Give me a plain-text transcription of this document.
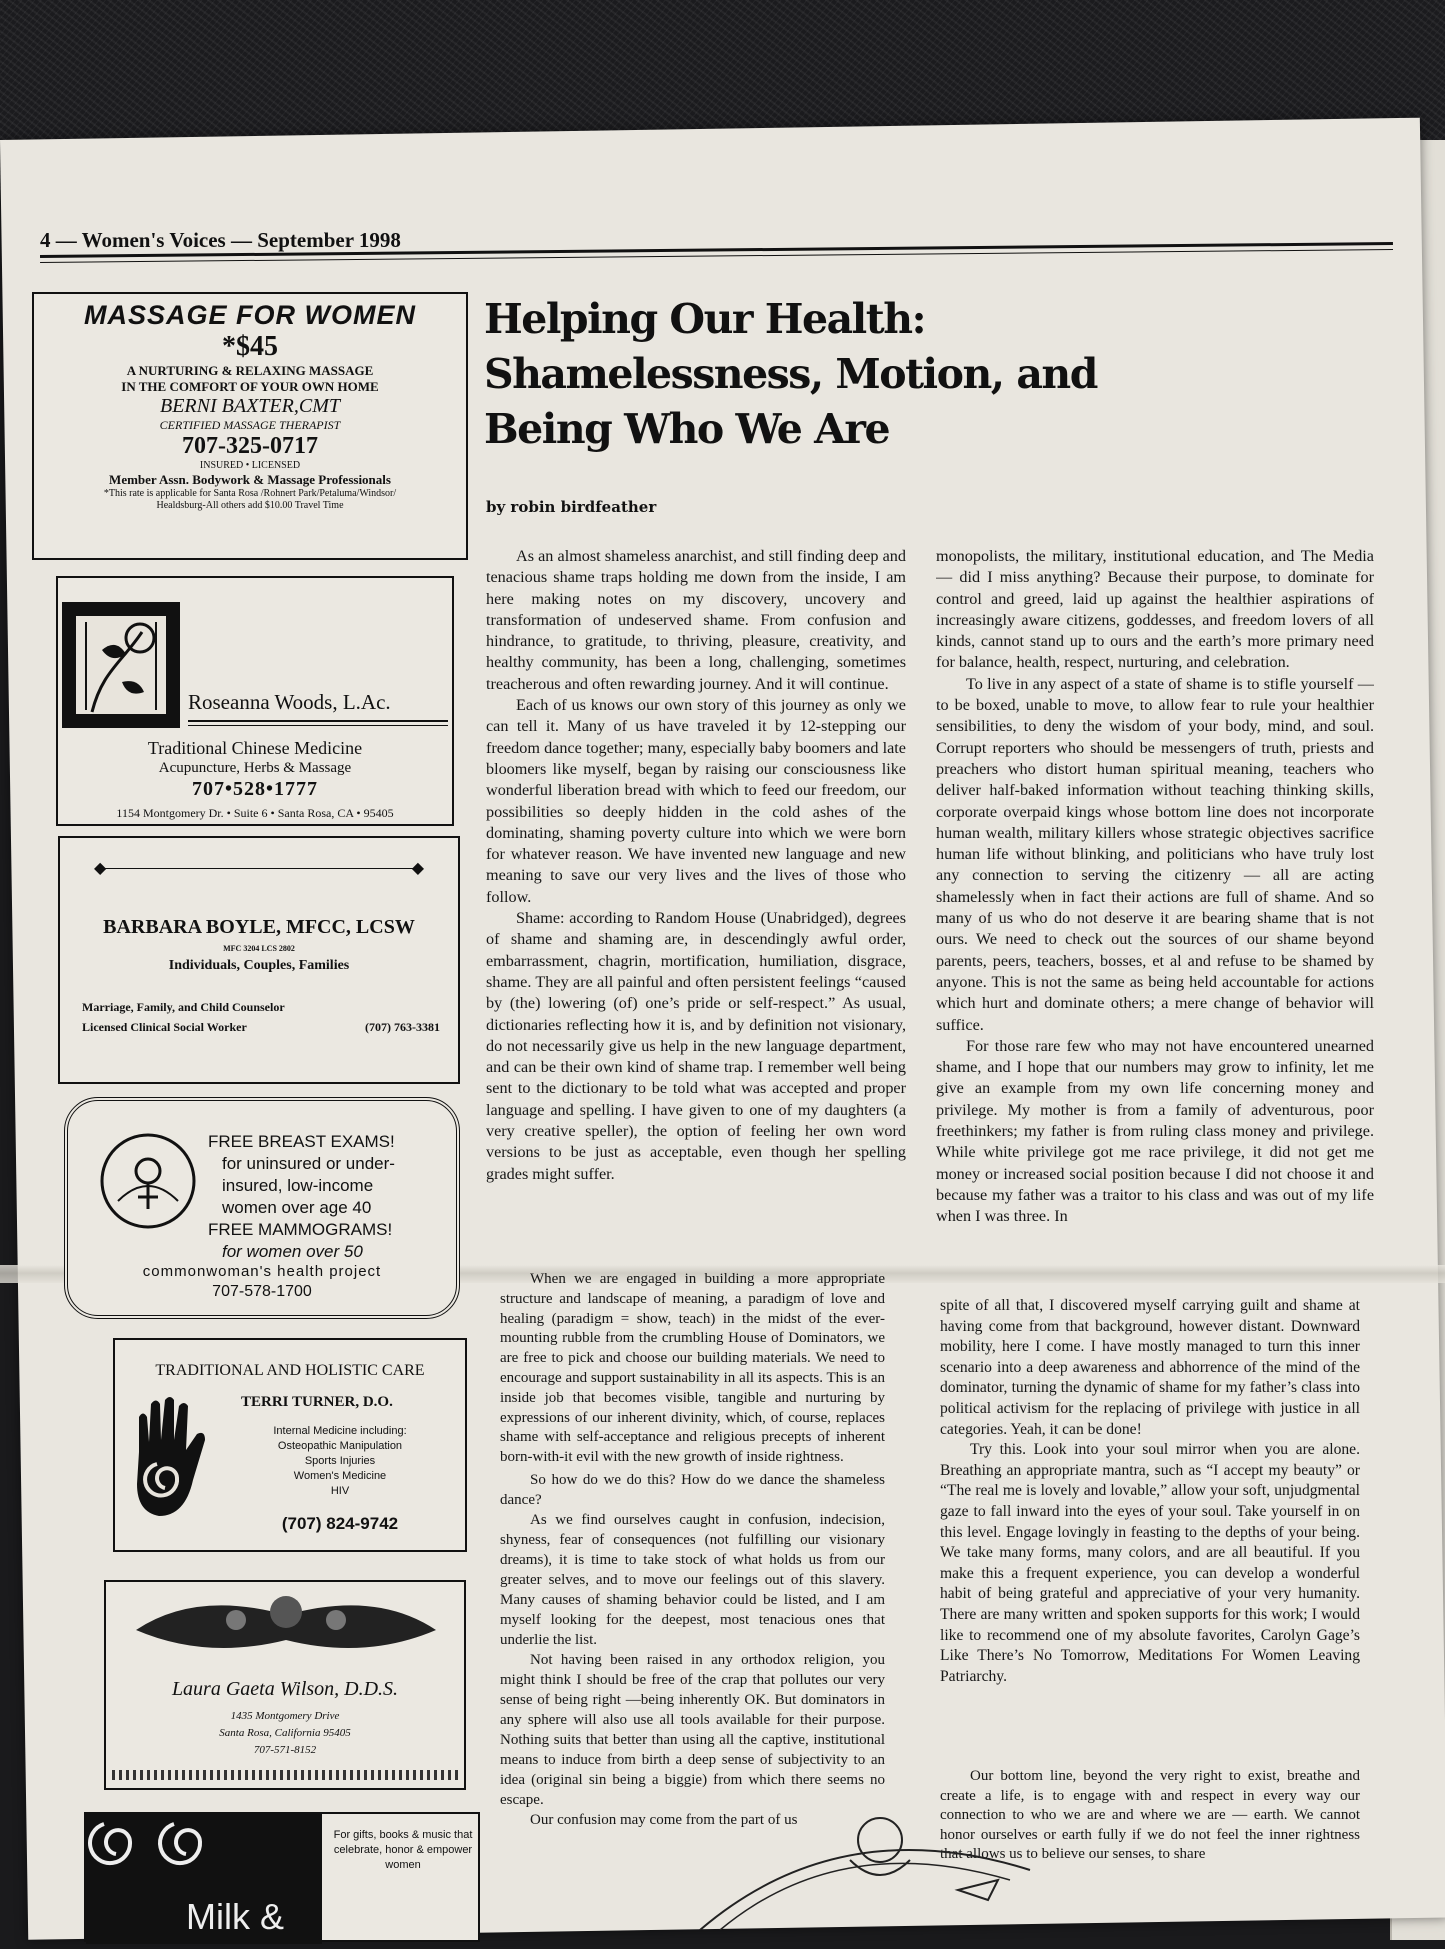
4 — Women's Voices — September 1998
MASSAGE FOR WOMEN
*$45
A NURTURING & RELAXING MASSAGE
IN THE COMFORT OF YOUR OWN HOME
BERNI BAXTER,CMT
CERTIFIED MASSAGE THERAPIST
707-325-0717
INSURED • LICENSED
Member Assn. Bodywork & Massage Professionals
*This rate is applicable for Santa Rosa /Rohnert Park/Petaluma/Windsor/
Healdsburg-All others add $10.00 Travel Time
Roseanna Woods, L.Ac.
Traditional Chinese Medicine
Acupuncture, Herbs & Massage
707•528•1777
1154 Montgomery Dr. • Suite 6 • Santa Rosa, CA • 95405
◆	◆
BARBARA BOYLE, MFCC, LCSW
MFC 3204 LCS 2802
Individuals, Couples, Families
Marriage, Family, and Child Counselor
Licensed Clinical Social Worker	(707) 763-3381
FREE BREAST EXAMS!
for uninsured or under-
insured, low-income
women over age 40
FREE MAMMOGRAMS!
for women over 50
commonwoman's health project
707-578-1700
TRADITIONAL AND HOLISTIC CARE
TERRI TURNER, D.O.
Internal Medicine including:
Osteopathic Manipulation
Sports Injuries
Women's Medicine
HIV
(707) 824-9742
Laura Gaeta Wilson, D.D.S.
1435 Montgomery Drive
Santa Rosa, California 95405
707-571-8152
Milk &
For gifts, books & music that celebrate, honor & empower women
Helping Our Health:
Shamelessness, Motion, and
Being Who We Are
by robin birdfeather

As an almost shameless anarchist, and still finding deep and tenacious shame traps holding me down from the inside, I am here making notes on my discovery, uncovery and transformation of undeserved shame. From confusion and hindrance, to gratitude, to thriving, pleasure, creativity, and healthy community, has been a long, challenging, sometimes treacherous and often rewarding journey. And it will continue.

Each of us knows our own story of this journey as only we can tell it. Many of us have traveled it by 12-stepping our freedom dance together; many, especially baby boomers and late bloomers like myself, began by raising our consciousness like wonderful liberation bread with which to feed our freedom, our possibilities so deeply hidden in the cold ashes of the dominating, shaming poverty culture into which we were born for whatever reason. We have invented new language and new meaning to save our very lives and the lives of those who follow.

Shame: according to Random House (Unabridged), degrees of shame and shaming are, in descendingly awful order, embarrassment, chagrin, mortification, humiliation, disgrace, shame. They are all painful and often persistent feelings “caused by (the) lowering (of) one’s pride or self-respect.” As usual, dictionaries reflecting how it is, and by definition not visionary, do not necessarily give us help in the new language department, and can be their own kind of shame trap. I remember well being sent to the dictionary to be told what was accepted and proper language and spelling. I have given to one of my daughters (a very creative speller), the option of feeling her own word versions to be just as acceptable, even though her spelling grades might suffer.

When we are engaged in building a more appropriate structure and landscape of meaning, a paradigm of love and healing (paradigm = show, teach) in the midst of the ever-mounting rubble from the crumbling House of Dominators, we are free to pick and choose our building materials. We need to encourage and support sustainability in all its aspects. This is an inside job that becomes visible, tangible and nurturing by expressions of our inherent divinity, which, of course, replaces shame with self-acceptance and religious precepts of inherent born-with-it evil with the new growth of inside rightness.

So how do we do this? How do we dance the shameless dance?

As we find ourselves caught in confusion, indecision, shyness, fear of consequences (not fulfilling our visionary dreams), it is time to take stock of what holds us from our greater selves, and to move our feelings out of this slavery. Many causes of shaming behavior could be listed, and I am myself looking for the deepest, most tenacious ones that underlie the list.

Not having been raised in any orthodox religion, you might think I should be free of the crap that pollutes our very sense of being right —being inherently OK. But dominators in any sphere will also use all tools available for their purpose. Nothing suits that better than using all the captive, institutional means to induce from birth a deep sense of subjectivity to an idea (original sin being a biggie) from which there seems no escape.

Our confusion may come from the part of us

monopolists, the military, institutional education, and The Media — did I miss anything? Because their purpose, to dominate for control and greed, laid up against the healthier aspirations of increasingly aware citizens, goddesses, and freedom lovers of all kinds, cannot stand up to ours and the earth’s more primary need for balance, health, respect, nurturing, and celebration.

To live in any aspect of a state of shame is to stifle yourself — to be boxed, unable to move, to allow fear to rule your healthier sensibilities, to deny the wisdom of your body, mind, and soul. Corrupt reporters who should be messengers of truth, priests and preachers who distort human spiritual meaning, teachers who deliver half-baked information without teaching thinking skills, corporate overpaid kings whose bottom line does not incorporate human wealth, military killers whose strategic objectives sacrifice human life without blinking, and politicians who have truly lost any connection to serving the citizenry — all are acting shamelessly when in fact their actions are full of shame. And so many of us who do not deserve it are bearing shame that is not ours. We need to check out the sources of our shame beyond parents, peers, teachers, bosses, et al and refuse to be shamed by anyone. This is not the same as being held accountable for actions which hurt and dominate others; a mere change of behavior will suffice.

For those rare few who may not have encountered unearned shame, and I hope that our numbers may grow to infinity, let me give an example from my own life concerning money and privilege. My mother is from a family of adventurous, poor freethinkers; my father is from ruling class money and privilege. While white privilege got me race privilege, it did not get me money or increased social position because I did not choose it and because my father was a traitor to his class and was out of my life when I was three. In

spite of all that, I discovered myself carrying guilt and shame at having come from that background, however distant. Downward mobility, here I come. I have mostly managed to turn this inner scenario into a deep awareness and abhorrence of the mind of the dominator, turning the dynamic of shame for my father’s class into political activism for the replacing of privilege with justice in all categories. Yeah, it can be done!

Try this. Look into your soul mirror when you are alone. Breathing an appropriate mantra, such as “I accept my beauty” or “The real me is lovely and lovable,” allow your soft, unjudgmental gaze to fall inward into the eyes of your soul. Take yourself in on this level. Engage lovingly in feasting to the depths of your being. We take many forms, many colors, and are all beautiful. If you make this a frequent experience, you can develop a wonderful habit of being grateful and appreciative of your very humanity. There are many written and spoken supports for this work; I would like to recommend one of my absolute favorites, Carolyn Gage’s Like There’s No Tomorrow, Meditations For Women Leaving Patriarchy.

Our bottom line, beyond the very right to exist, breathe and create a life, is to engage with and respect in every way our connection to who we are and where we are — earth. We cannot honor ourselves or earth fully if we do not feel the inner rightness that allows us to believe our senses, to share
